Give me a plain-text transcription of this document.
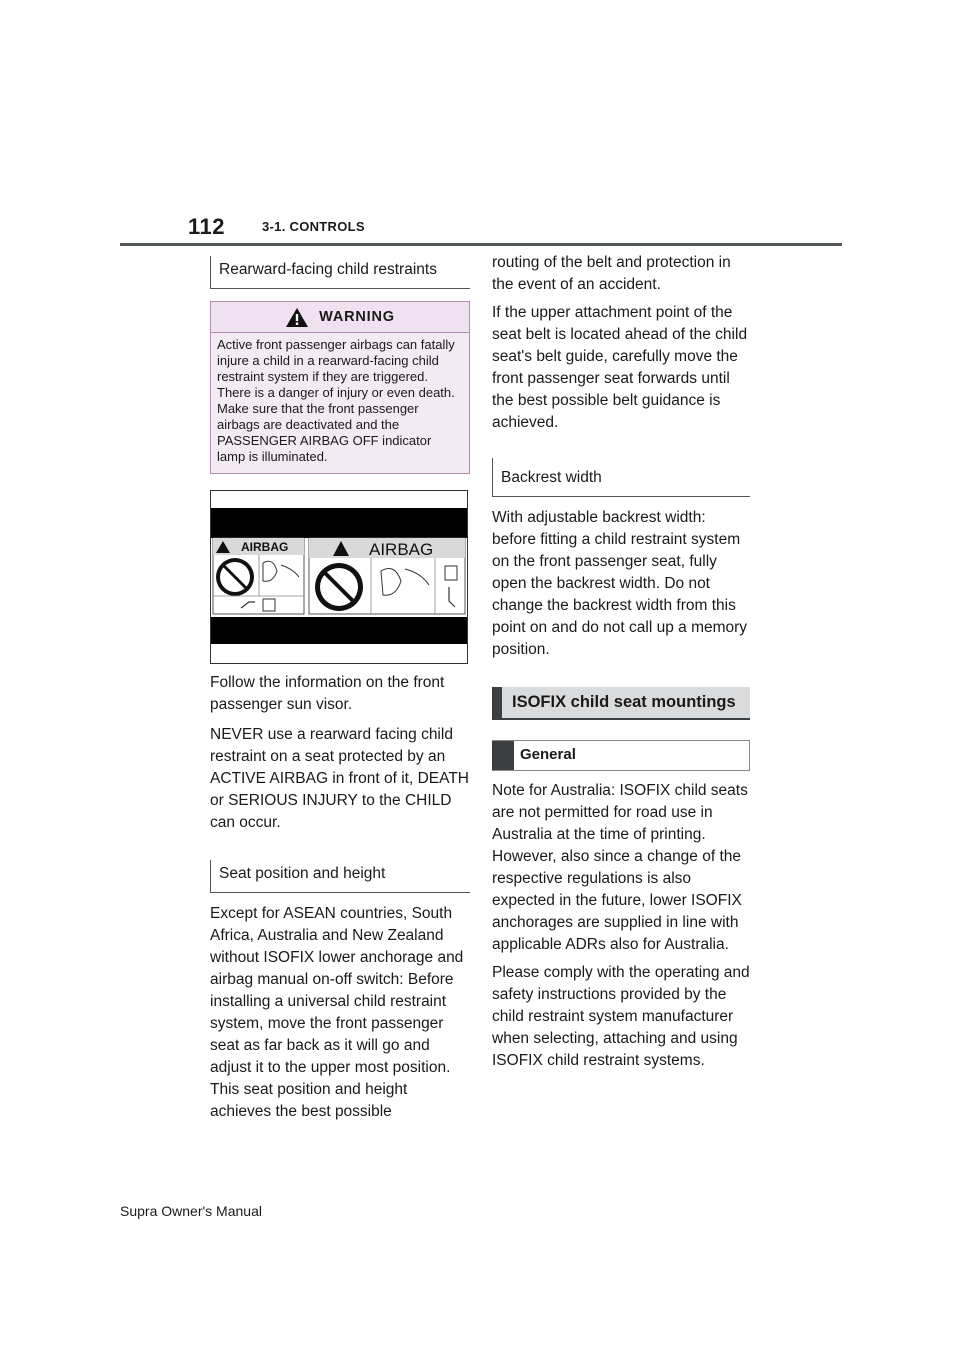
112	3-1. CONTROLS
Rearward-facing child restraints
WARNING
Active front passenger airbags can fatally injure a child in a rearward-facing child restraint system if they are triggered. There is a danger of injury or even death. Make sure that the front passenger airbags are deactivated and the PASSENGER AIRBAG OFF indicator lamp is illuminated.
AIRBAG	AIRBAG

Follow the information on the front passenger sun visor.

NEVER use a rearward facing child restraint on a seat protected by an ACTIVE AIRBAG in front of it, DEATH or SERIOUS INJURY to the CHILD can occur.

Seat position and height

Except for ASEAN countries, South Africa, Australia and New Zealand without ISOFIX lower anchorage and airbag manual on-off switch: Before installing a universal child restraint system, move the front passenger seat as far back as it will go and adjust it to the upper most position. This seat position and height achieves the best possible

routing of the belt and protection in the event of an accident.

If the upper attachment point of the seat belt is located ahead of the child seat's belt guide, carefully move the front passenger seat forwards until the best possible belt guidance is achieved.

Backrest width

With adjustable backrest width: before fitting a child restraint system on the front passenger seat, fully open the backrest width. Do not change the backrest width from this point on and do not call up a memory position.

ISOFIX child seat mountings
General

Note for Australia: ISOFIX child seats are not permitted for road use in Australia at the time of printing. However, also since a change of the respective regulations is also expected in the future, lower ISOFIX anchorages are supplied in line with applicable ADRs also for Australia.

Please comply with the operating and safety instructions provided by the child restraint system manufacturer when selecting, attaching and using ISOFIX child restraint systems.

Supra Owner's Manual
